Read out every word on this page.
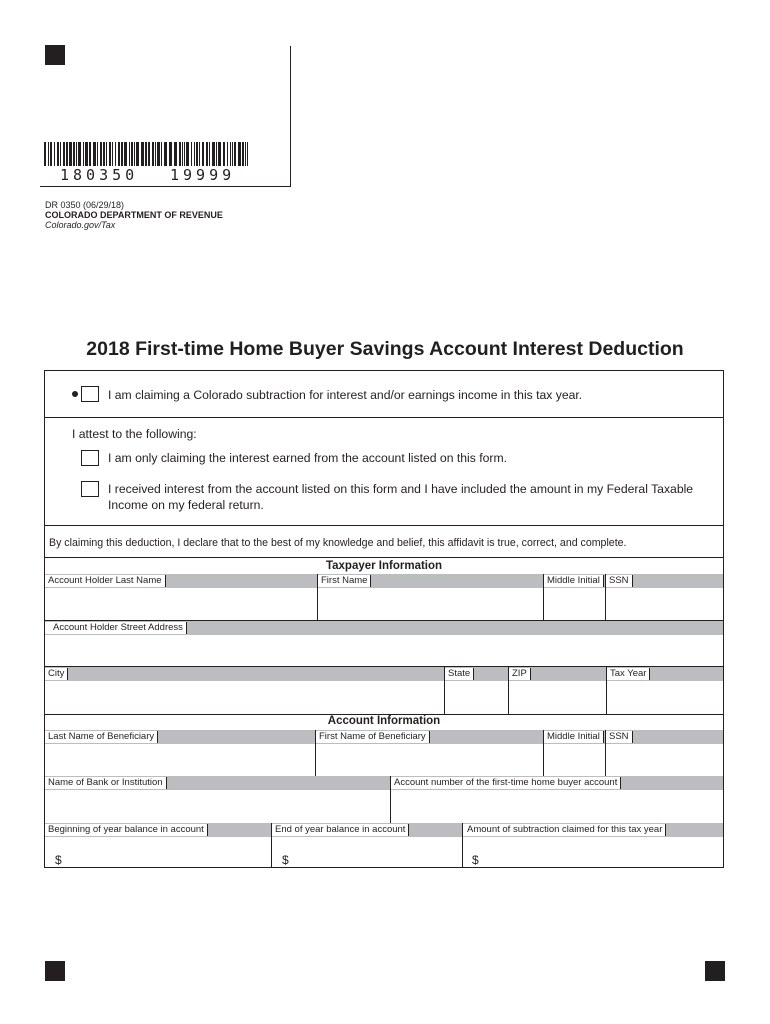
180350 19999
DR 0350 (06/29/18)
COLORADO DEPARTMENT OF REVENUE
Colorado.gov/Tax
2018 First-time Home Buyer Savings Account Interest Deduction
I am claiming a Colorado subtraction for interest and/or earnings income in this tax year.
I attest to the following:
I am only claiming the interest earned from the account listed on this form.
I received interest from the account listed on this form and I have included the amount in my Federal Taxable Income on my federal return.
By claiming this deduction, I declare that to the best of my knowledge and belief, this affidavit is true, correct, and complete.
Taxpayer Information
Account Holder Last Name	First Name	Middle Initial SSN
Account Holder Street Address
City	State	ZIP	Tax Year
Account Information
Last Name of Beneficiary	First Name of Beneficiary	Middle Initial SSN
Name of Bank or Institution	Account number of the first-time home buyer account
Beginning of year balance in account	End of year balance in account	Amount of subtraction claimed for this tax year
$	$	$
